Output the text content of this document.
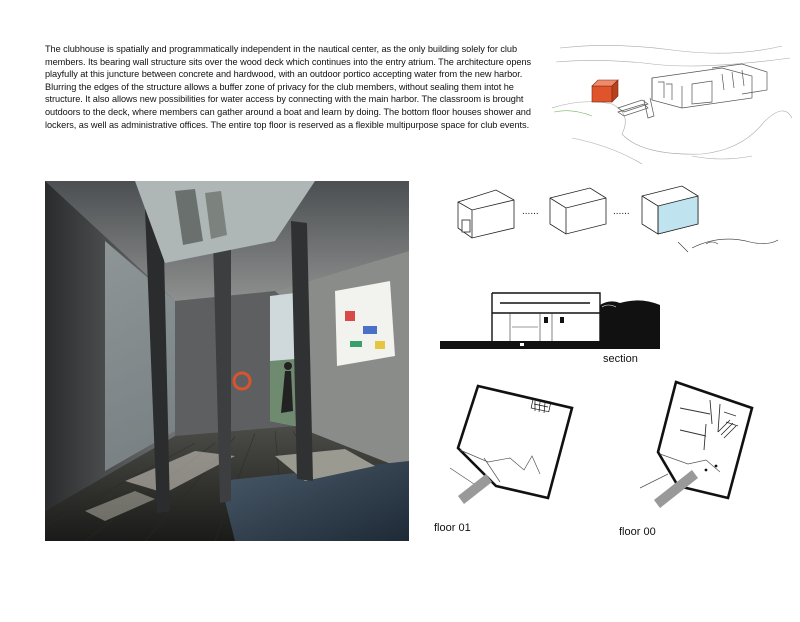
The clubhouse is spatially and programmatically independent in the nautical center, as the only building solely for club members. Its bearing wall structure sits over the wood deck which continues into the entry atrium. The architecture opens playfully at this juncture between concrete and hardwood, with an outdoor portico accepting water from the new harbor. Blurring the edges of the structure allows a buffer zone of privacy for the club members, without sealing them intot he structure. It also allows new possibilities for water access by connecting with the main harbor. The classroom is brought outdoors to the deck, where members can gather around a boat and learn by doing. The bottom floor houses shower and lockers, as well as administrative offices. The entire top floor is reserved as a flexible multipurpose space for club events.

......	......

section

floor 01	floor 00
